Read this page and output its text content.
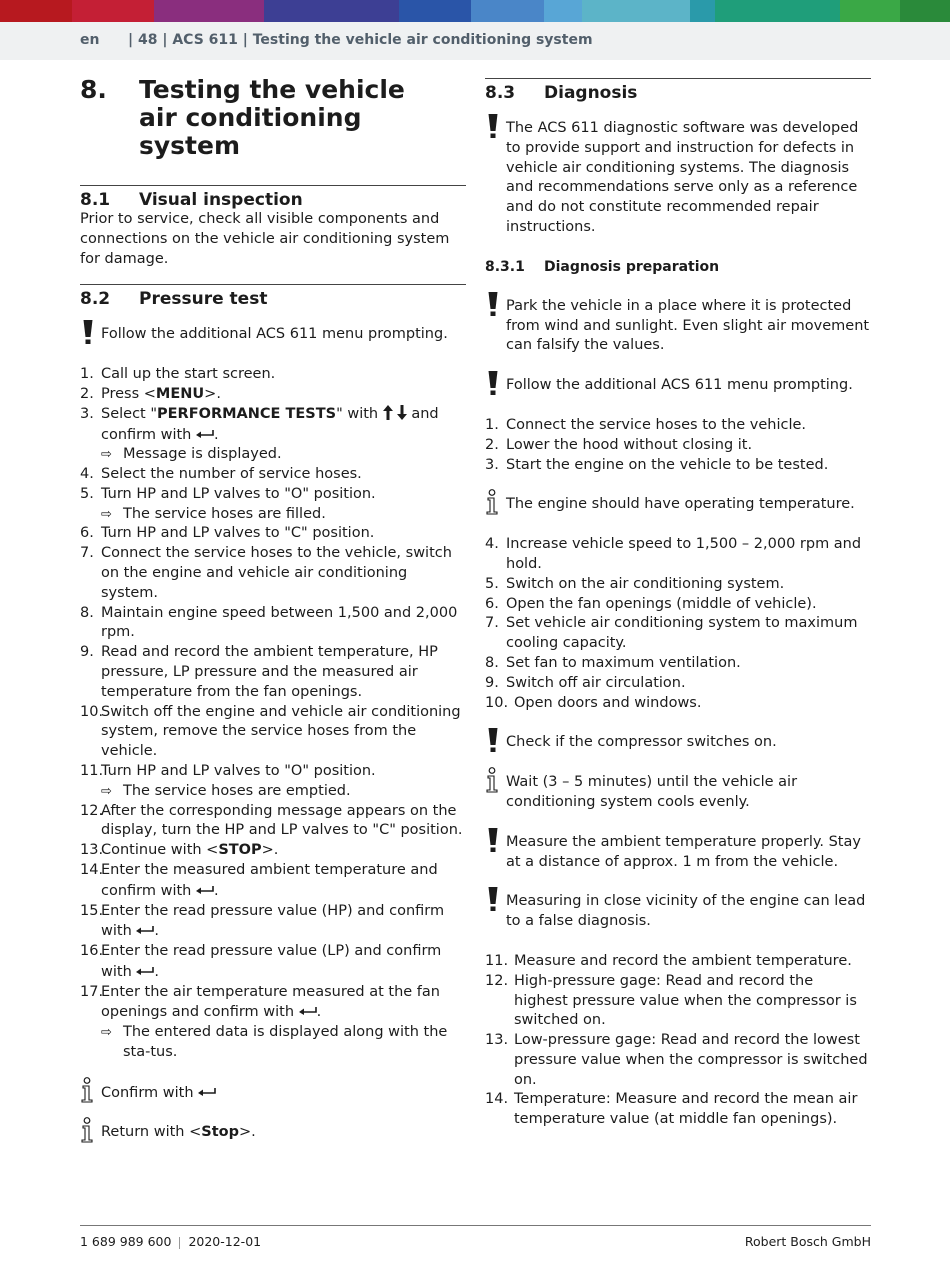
en | 48 | ACS 611 | Testing the vehicle air conditioning system
8.	Testing the vehicle air conditioning system
8.1	Visual inspection
Prior to service, check all visible components and connections on the vehicle air conditioning system for damage.
8.2	Pressure test
Follow the additional ACS 611 menu prompting.
1. Call up the start screen.
2. Press <MENU>.
3. Select "PERFORMANCE TESTS" with and confirm with .
⇨ Message is displayed.
4. Select the number of service hoses.
5. Turn HP and LP valves to "O" position.
⇨ The service hoses are filled.
6. Turn HP and LP valves to "C" position.
7. Connect the service hoses to the vehicle, switch on the engine and vehicle air conditioning system.
8. Maintain engine speed between 1,500 and 2,000 rpm.
9. Read and record the ambient temperature, HP pressure, LP pressure and the measured air temperature from the fan openings.
10.
Switch off the engine and vehicle air conditioning system, remove the service hoses from the vehicle.
11.
Turn HP and LP valves to "O" position.
⇨ The service hoses are emptied.
12.
After the corresponding message appears on the display, turn the HP and LP valves to "C" position.
13.
Continue with <STOP>.
14.
Enter the measured ambient temperature and confirm with .
15.
Enter the read pressure value (HP) and confirm with .
16.
Enter the read pressure value (LP) and confirm with .
17.
Enter the air temperature measured at the fan openings and confirm with .
⇨ The entered data is displayed along with the sta-tus.
Confirm with
Return with <Stop>.
8.3	Diagnosis
The ACS 611 diagnostic software was developed to provide support and instruction for defects in vehicle air conditioning systems. The diagnosis and recommendations serve only as a reference and do not constitute recommended repair instructions.
8.3.1	Diagnosis preparation
Park the vehicle in a place where it is protected from wind and sunlight. Even slight air movement can falsify the values.
Follow the additional ACS 611 menu prompting.
1. Connect the service hoses to the vehicle.
2. Lower the hood without closing it.
3. Start the engine on the vehicle to be tested.
The engine should have operating temperature.
4. Increase vehicle speed to 1,500 – 2,000 rpm and hold.
5. Switch on the air conditioning system.
6. Open the fan openings (middle of vehicle).
7. Set vehicle air conditioning system to maximum cooling capacity.
8. Set fan to maximum ventilation.
9. Switch off air circulation.
10. Open doors and windows.
Check if the compressor switches on.
Wait (3 – 5 minutes) until the vehicle air conditioning system cools evenly.
Measure the ambient temperature properly. Stay at a distance of approx. 1 m from the vehicle.
Measuring in close vicinity of the engine can lead to a false diagnosis.
11. Measure and record the ambient temperature.
12. High-pressure gage: Read and record the highest pressure value when the compressor is switched on.
13. Low-pressure gage: Read and record the lowest pressure value when the compressor is switched on.
14. Temperature: Measure and record the mean air temperature value (at middle fan openings).
1 689 989 600 2020-12-01	Robert Bosch GmbH
